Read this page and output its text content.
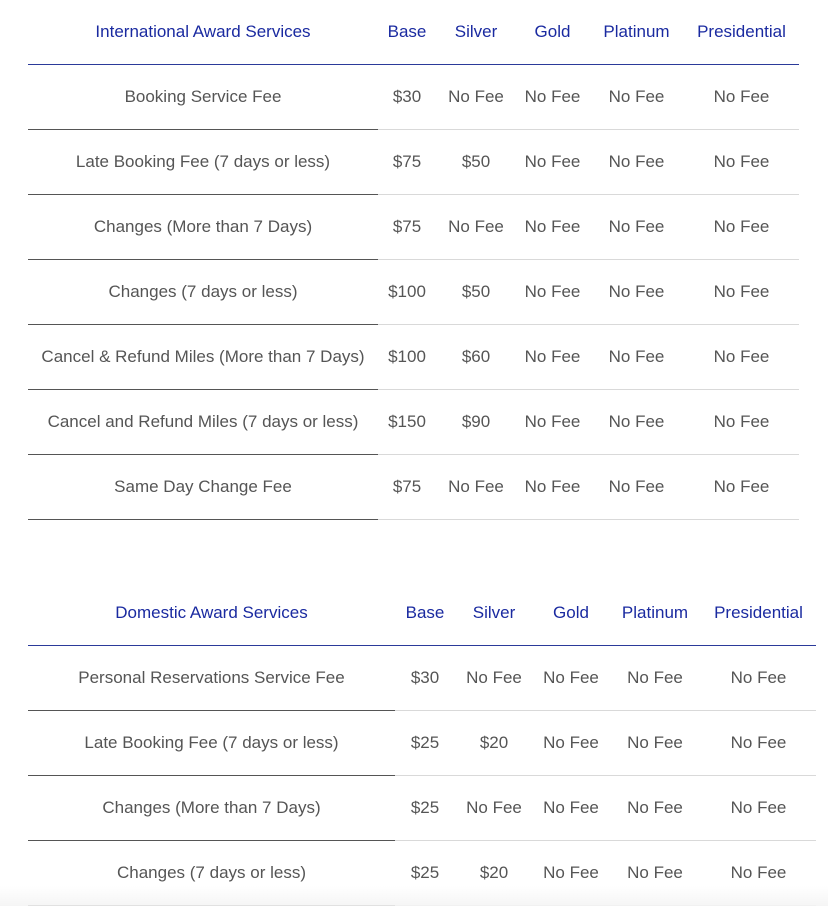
International Award Services	Base	Silver	Gold	Platinum	Presidential
Booking Service Fee	$30	No Fee	No Fee	No Fee	No Fee
Late Booking Fee (7 days or less)	$75	$50	No Fee	No Fee	No Fee
Changes (More than 7 Days)	$75	No Fee	No Fee	No Fee	No Fee
Changes (7 days or less)	$100	$50	No Fee	No Fee	No Fee
Cancel & Refund Miles (More than 7 Days)	$100	$60	No Fee	No Fee	No Fee
Cancel and Refund Miles (7 days or less)	$150	$90	No Fee	No Fee	No Fee
Same Day Change Fee	$75	No Fee	No Fee	No Fee	No Fee
Domestic Award Services	Base	Silver	Gold	Platinum	Presidential
Personal Reservations Service Fee	$30	No Fee	No Fee	No Fee	No Fee
Late Booking Fee (7 days or less)	$25	$20	No Fee	No Fee	No Fee
Changes (More than 7 Days)	$25	No Fee	No Fee	No Fee	No Fee
Changes (7 days or less)	$25	$20	No Fee	No Fee	No Fee
